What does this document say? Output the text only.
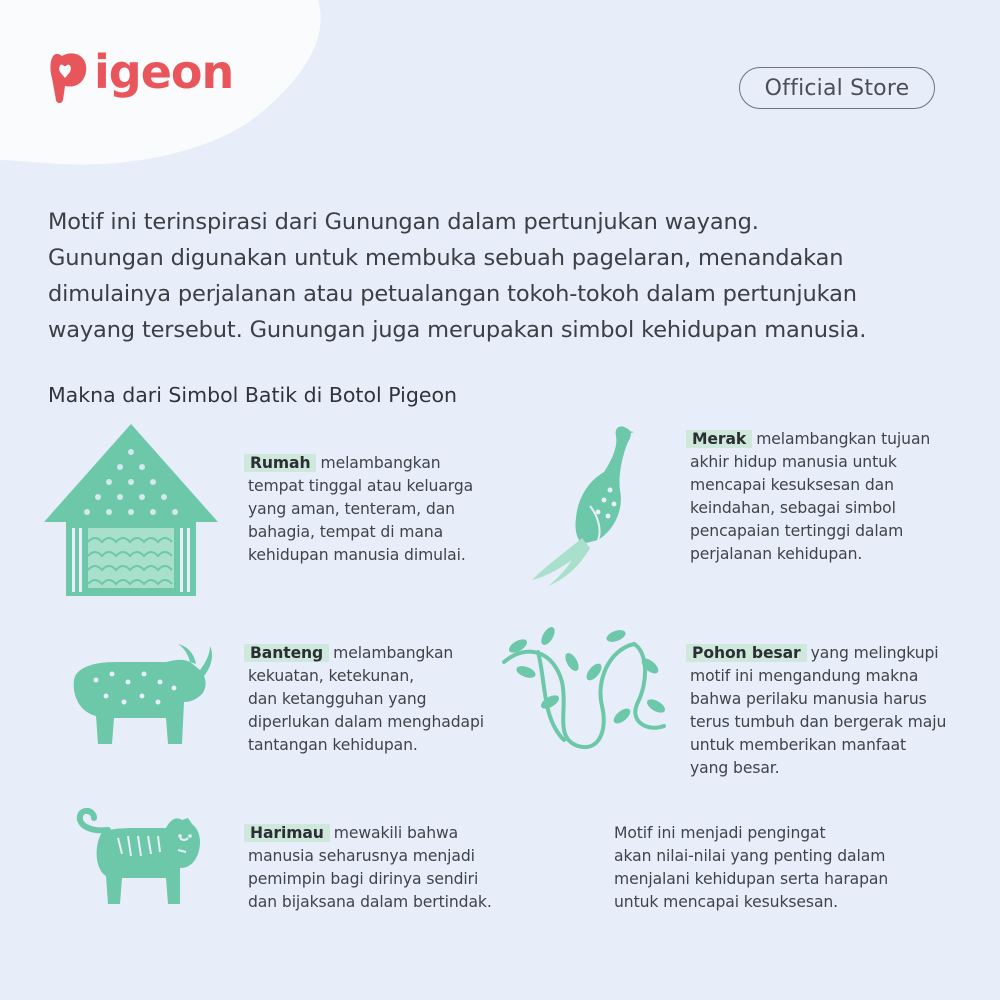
igeon	Official Store

Motif ini terinspirasi dari Gunungan dalam pertunjukan wayang.
Gunungan digunakan untuk membuka sebuah pagelaran, menandakan
dimulainya perjalanan atau petualangan tokoh-tokoh dalam pertunjukan
wayang tersebut. Gunungan juga merupakan simbol kehidupan manusia.

Makna dari Simbol Batik di Botol Pigeon

Rumah melambangkan
tempat tinggal atau keluarga
yang aman, tenteram, dan
bahagia, tempat di mana
kehidupan manusia dimulai.

Merak melambangkan tujuan
akhir hidup manusia untuk
mencapai kesuksesan dan
keindahan, sebagai simbol
pencapaian tertinggi dalam
perjalanan kehidupan.

Banteng melambangkan
kekuatan, ketekunan,
dan ketangguhan yang
diperlukan dalam menghadapi
tantangan kehidupan.

Pohon besar yang melingkupi
motif ini mengandung makna
bahwa perilaku manusia harus
terus tumbuh dan bergerak maju
untuk memberikan manfaat
yang besar.

Harimau mewakili bahwa
manusia seharusnya menjadi
pemimpin bagi dirinya sendiri
dan bijaksana dalam bertindak.

Motif ini menjadi pengingat
akan nilai-nilai yang penting dalam
menjalani kehidupan serta harapan
untuk mencapai kesuksesan.
